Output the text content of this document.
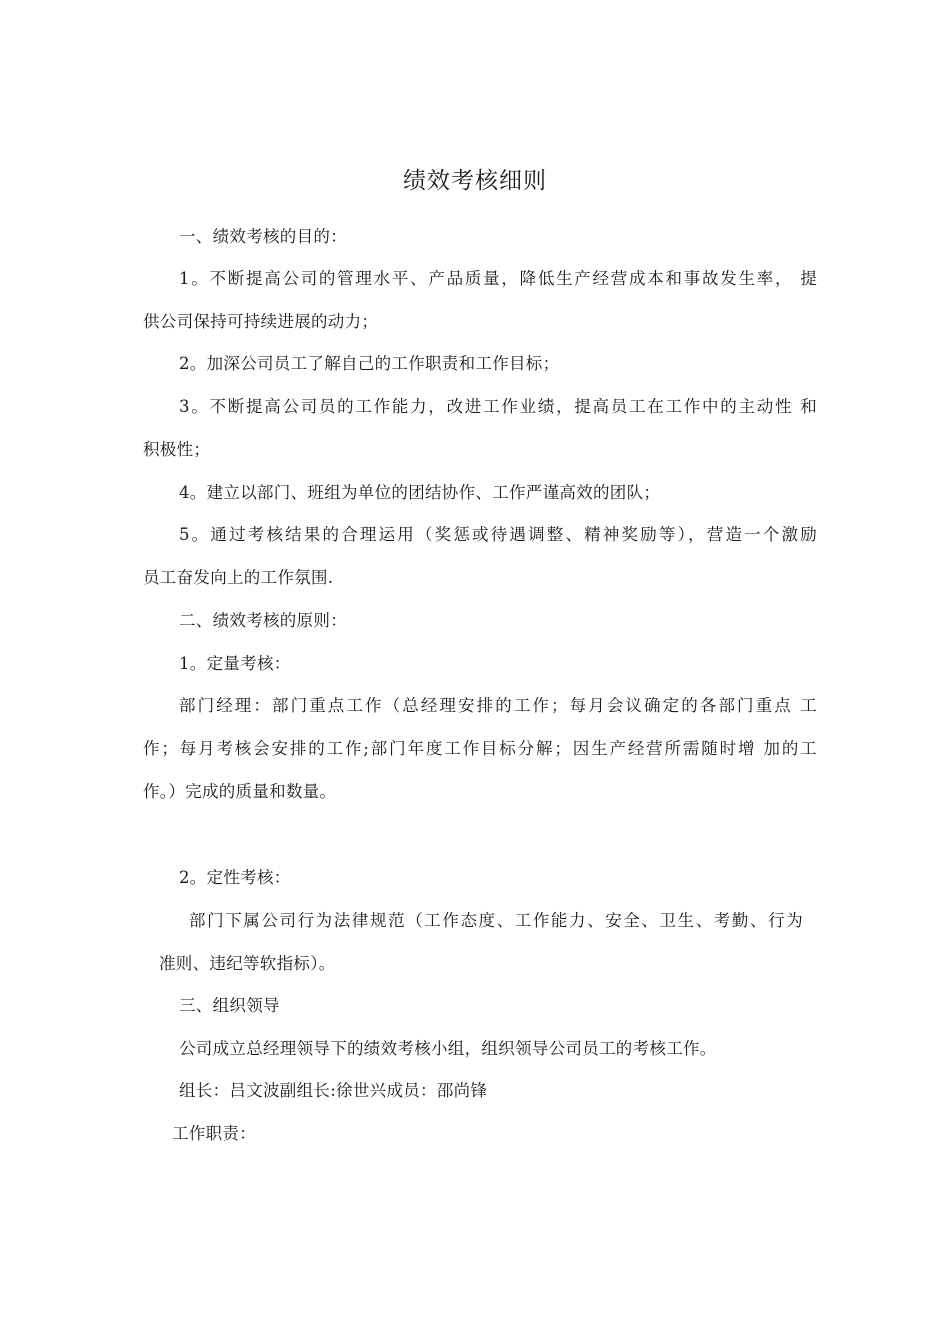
绩效考核细则
一、绩效考核的目的：
1。不断提高公司的管理水平、产品质量，降低生产经营成本和事故发生率， 提
供公司保持可持续进展的动力；
2。加深公司员工了解自己的工作职责和工作目标；
3。不断提高公司员的工作能力，改进工作业绩，提高员工在工作中的主动性 和
积极性；
4。建立以部门、班组为单位的团结协作、工作严谨高效的团队；
5。通过考核结果的合理运用（奖惩或待遇调整、精神奖励等），营造一个激励
员工奋发向上的工作氛围.
二、绩效考核的原则：
1。定量考核：
部门经理：部门重点工作（总经理安排的工作；每月会议确定的各部门重点 工
作；每月考核会安排的工作;部门年度工作目标分解；因生产经营所需随时增 加的工
作。）完成的质量和数量。
2。定性考核：
部门下属公司行为法律规范（工作态度、工作能力、安全、卫生、考勤、行为
准则、违纪等软指标）。
三、组织领导
公司成立总经理领导下的绩效考核小组，组织领导公司员工的考核工作。
组长：吕文波副组长:徐世兴成员：邵尚锋
工作职责：
